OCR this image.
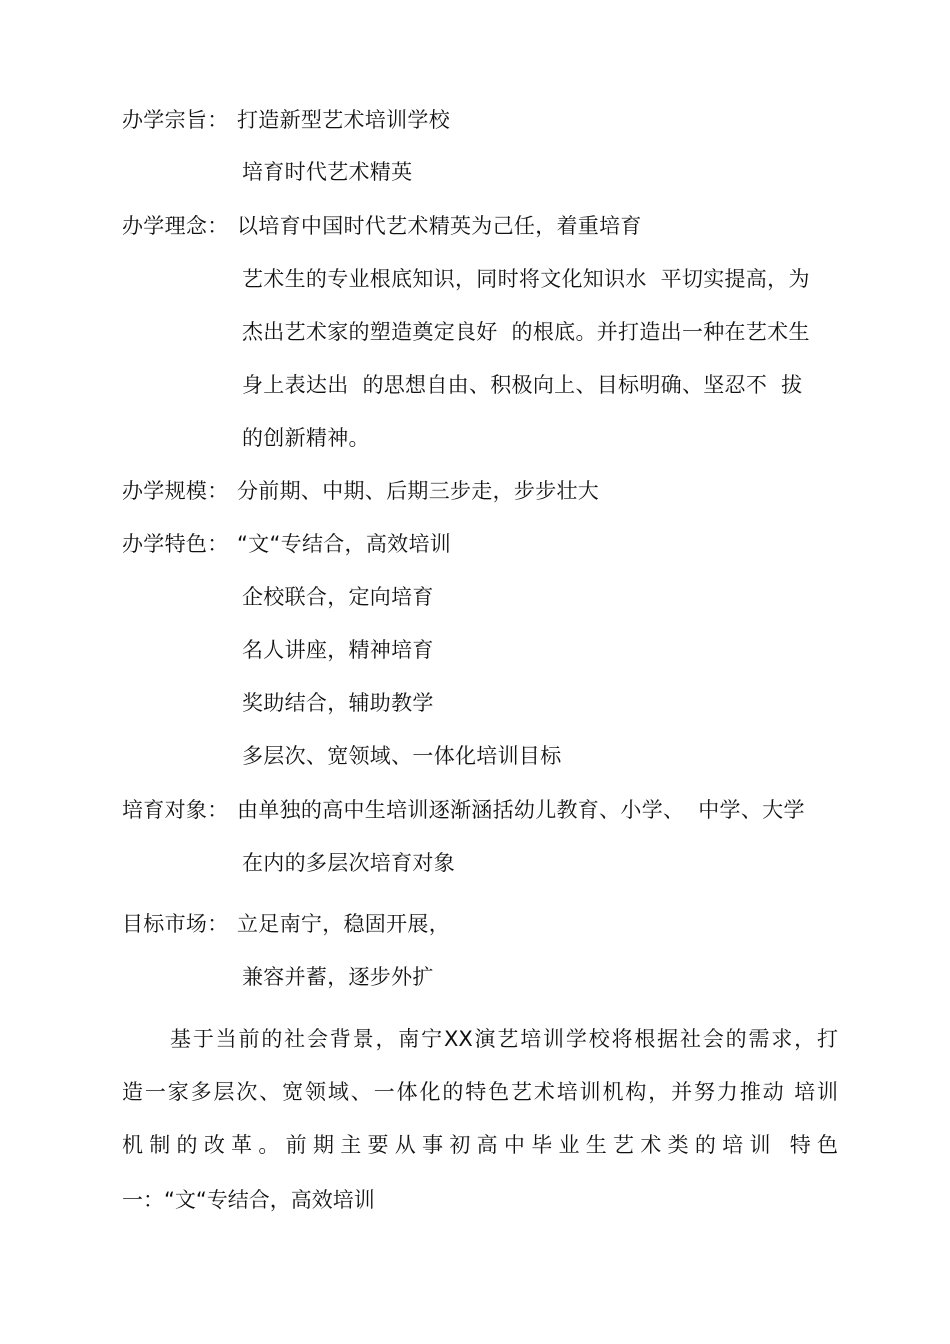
办学宗旨： 打造新型艺术培训学校
培育时代艺术精英
办学理念： 以培育中国时代艺术精英为己任，着重培育
艺术生的专业根底知识，同时将文化知识水  平切实提高，为
杰出艺术家的塑造奠定良好  的根底。并打造出一种在艺术生
身上表达出  的思想自由、积极向上、目标明确、坚忍不  拔
的创新精神。
办学规模： 分前期、中期、后期三步走，步步壮大
办学特色： “文“专结合，高效培训
企校联合，定向培育
名人讲座，精神培育
奖助结合，辅助教学
多层次、宽领域、一体化培训目标
培育对象： 由单独的高中生培训逐渐涵括幼儿教育、小学、  中学、大学
在内的多层次培育对象
目标市场： 立足南宁，稳固开展，
兼容并蓄，逐步外扩
基于当前的社会背景，南宁XX演艺培训学校将根据社会的需求，打
造一家多层次、宽领域、一体化的特色艺术培训机构，并努力推动 培训
机制的改革。前期主要从事初高中毕业生艺术类的培训 特色
一：“文“专结合，高效培训
